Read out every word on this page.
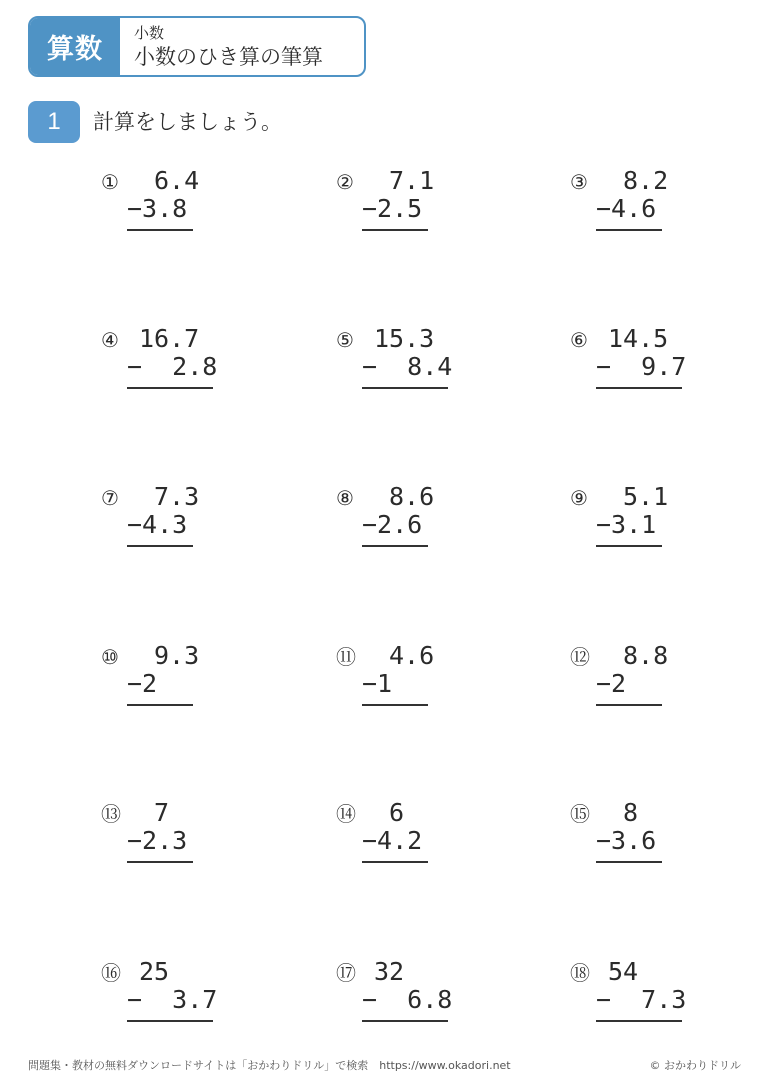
算数
小数
小数のひき算の筆算
1	計算をしましょう。
① 6.4
−3.8
② 7.1
−2.5
③ 8.2
−4.6
④ 16.7
−  2.8
⑤ 15.3
−  8.4
⑥ 14.5
−  9.7
⑦ 7.3
−4.3
⑧ 8.6
−2.6
⑨ 5.1
−3.1
⑩ 9.3
−2
⑪ 4.6
−1
⑫ 8.8
−2
⑬ 7
−2.3
⑭ 6
−4.2
⑮ 8
−3.6
⑯ 25
−  3.7
⑰ 32
−  6.8
⑱ 54
−  7.3
問題集・教材の無料ダウンロードサイトは「おかわりドリル」で検索　https://www.okadori.net	© おかわりドリル
